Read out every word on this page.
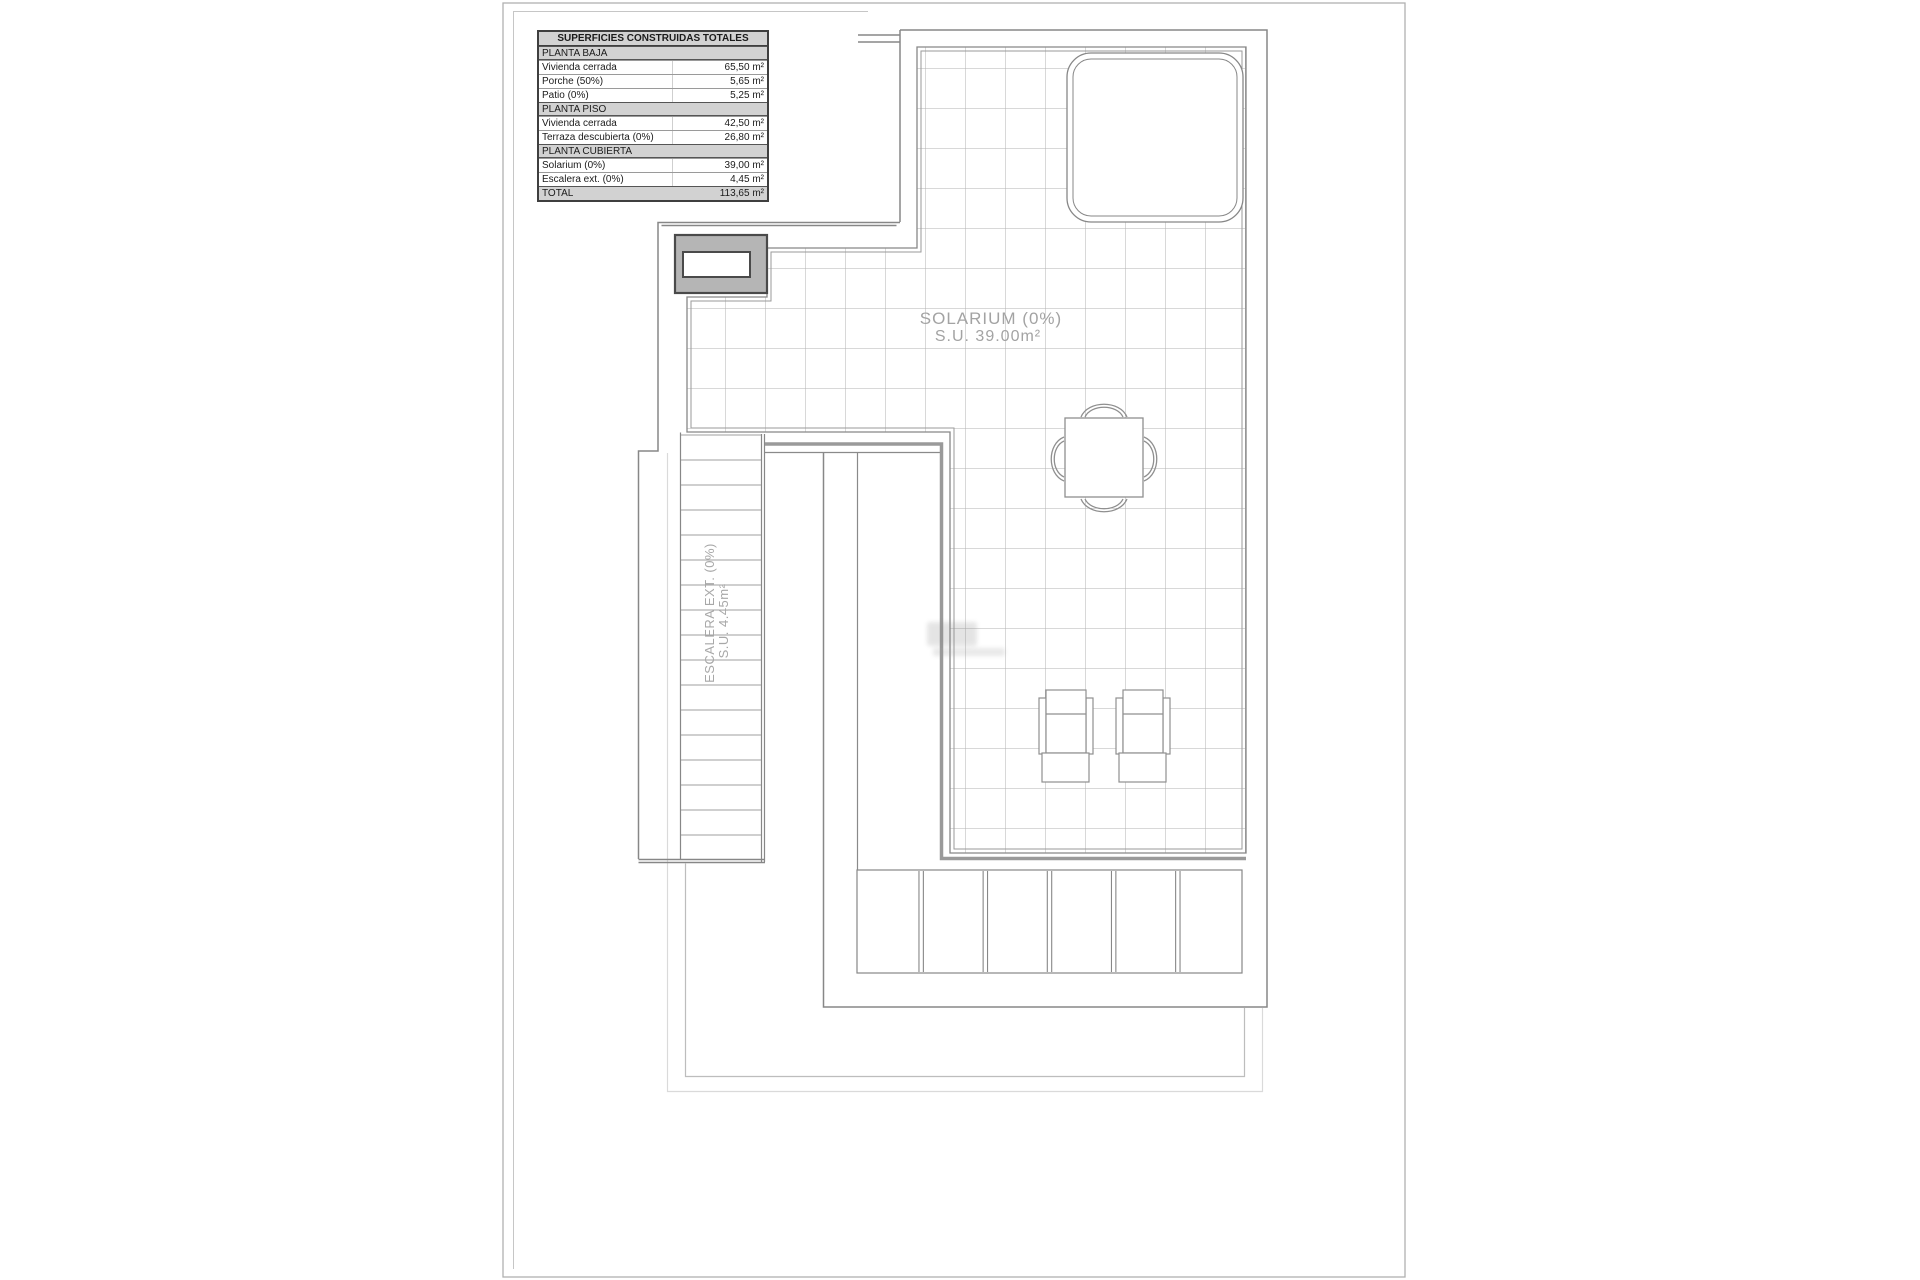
SOLARIUM (0%)
S.U. 39.00m²
ESCALERA EXT. (0%) S.U. 4.45m²
SUPERFICIES CONSTRUIDAS TOTALES
PLANTA BAJA
Vivienda cerrada	65,50 m²
Porche (50%)	5,65 m²
Patio (0%)	5,25 m²
PLANTA PISO
Vivienda cerrada	42,50 m²
Terraza descubierta (0%)	26,80 m²
PLANTA CUBIERTA
Solarium (0%)	39,00 m²
Escalera ext. (0%)	4,45 m²
TOTAL	113,65 m²
